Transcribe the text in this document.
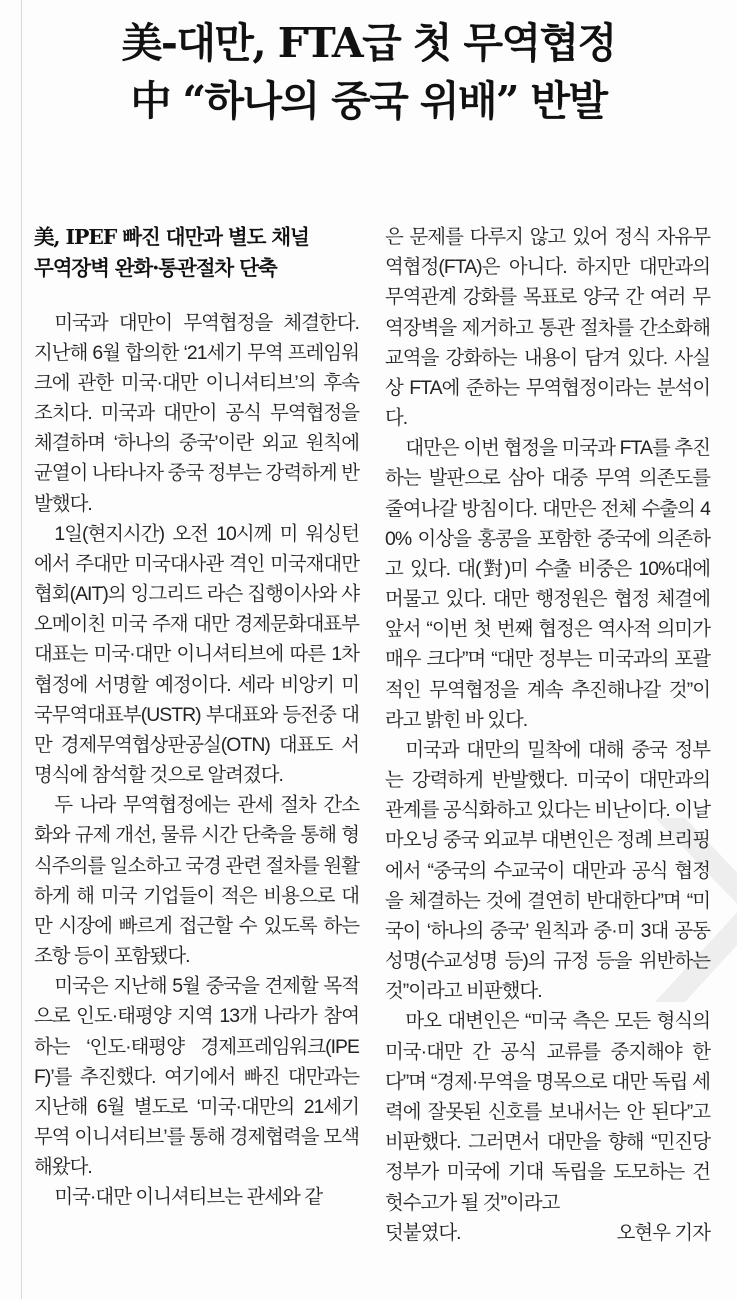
美-대만, FTA급 첫 무역협정
中 “하나의 중국 위배” 반발
美, IPEF 빠진 대만과 별도 채널
무역장벽 완화·통관절차 단축

미국과 대만이 무역협정을 체결한다. 지난해 6월 합의한 ‘21세기 무역 프레임워크에 관한 미국·대만 이니셔티브’의 후속 조치다. 미국과 대만이 공식 무역협정을 체결하며 ‘하나의 중국’이란 외교 원칙에 균열이 나타나자 중국 정부는 강력하게 반발했다.

1일(현지시간) 오전 10시께 미 워싱턴에서 주대만 미국대사관 격인 미국재대만협회(AIT)의 잉그리드 라슨 집행이사와 샤오메이친 미국 주재 대만 경제문화대표부 대표는 미국·대만 이니셔티브에 따른 1차 협정에 서명할 예정이다. 세라 비앙키 미국무역대표부(USTR) 부대표와 등전중 대만 경제무역협상판공실(OTN) 대표도 서명식에 참석할 것으로 알려졌다.

두 나라 무역협정에는 관세 절차 간소화와 규제 개선, 물류 시간 단축을 통해 형식주의를 일소하고 국경 관련 절차를 원활하게 해 미국 기업들이 적은 비용으로 대만 시장에 빠르게 접근할 수 있도록 하는 조항 등이 포함됐다.

미국은 지난해 5월 중국을 견제할 목적으로 인도·태평양 지역 13개 나라가 참여하는 ‘인도·태평양 경제프레임워크(IPEF)’를 추진했다. 여기에서 빠진 대만과는 지난해 6월 별도로 ‘미국·대만의 21세기 무역 이니셔티브’를 통해 경제협력을 모색해왔다.

미국·대만 이니셔티브는 관세와 같

은 문제를 다루지 않고 있어 정식 자유무역협정(FTA)은 아니다. 하지만 대만과의 무역관계 강화를 목표로 양국 간 여러 무역장벽을 제거하고 통관 절차를 간소화해 교역을 강화하는 내용이 담겨 있다. 사실상 FTA에 준하는 무역협정이라는 분석이다.

대만은 이번 협정을 미국과 FTA를 추진하는 발판으로 삼아 대중 무역 의존도를 줄여나갈 방침이다. 대만은 전체 수출의 40% 이상을 홍콩을 포함한 중국에 의존하고 있다. 대(對)미 수출 비중은 10%대에 머물고 있다. 대만 행정원은 협정 체결에 앞서 “이번 첫 번째 협정은 역사적 의미가 매우 크다”며 “대만 정부는 미국과의 포괄적인 무역협정을 계속 추진해나갈 것”이라고 밝힌 바 있다.

미국과 대만의 밀착에 대해 중국 정부는 강력하게 반발했다. 미국이 대만과의 관계를 공식화하고 있다는 비난이다. 이날 마오닝 중국 외교부 대변인은 정례 브리핑에서 “중국의 수교국이 대만과 공식 협정을 체결하는 것에 결연히 반대한다”며 “미국이 ‘하나의 중국’ 원칙과 중·미 3대 공동성명(수교성명 등)의 규정 등을 위반하는 것”이라고 비판했다.

마오 대변인은 “미국 측은 모든 형식의 미국·대만 간 공식 교류를 중지해야 한다”며 “경제·무역을 명목으로 대만 독립 세력에 잘못된 신호를 보내서는 안 된다”고 비판했다. 그러면서 대만을 향해 “민진당 정부가 미국에 기대 독립을 도모하는 건 헛수고가 될 것”이라고

덧붙였다.	오현우 기자
